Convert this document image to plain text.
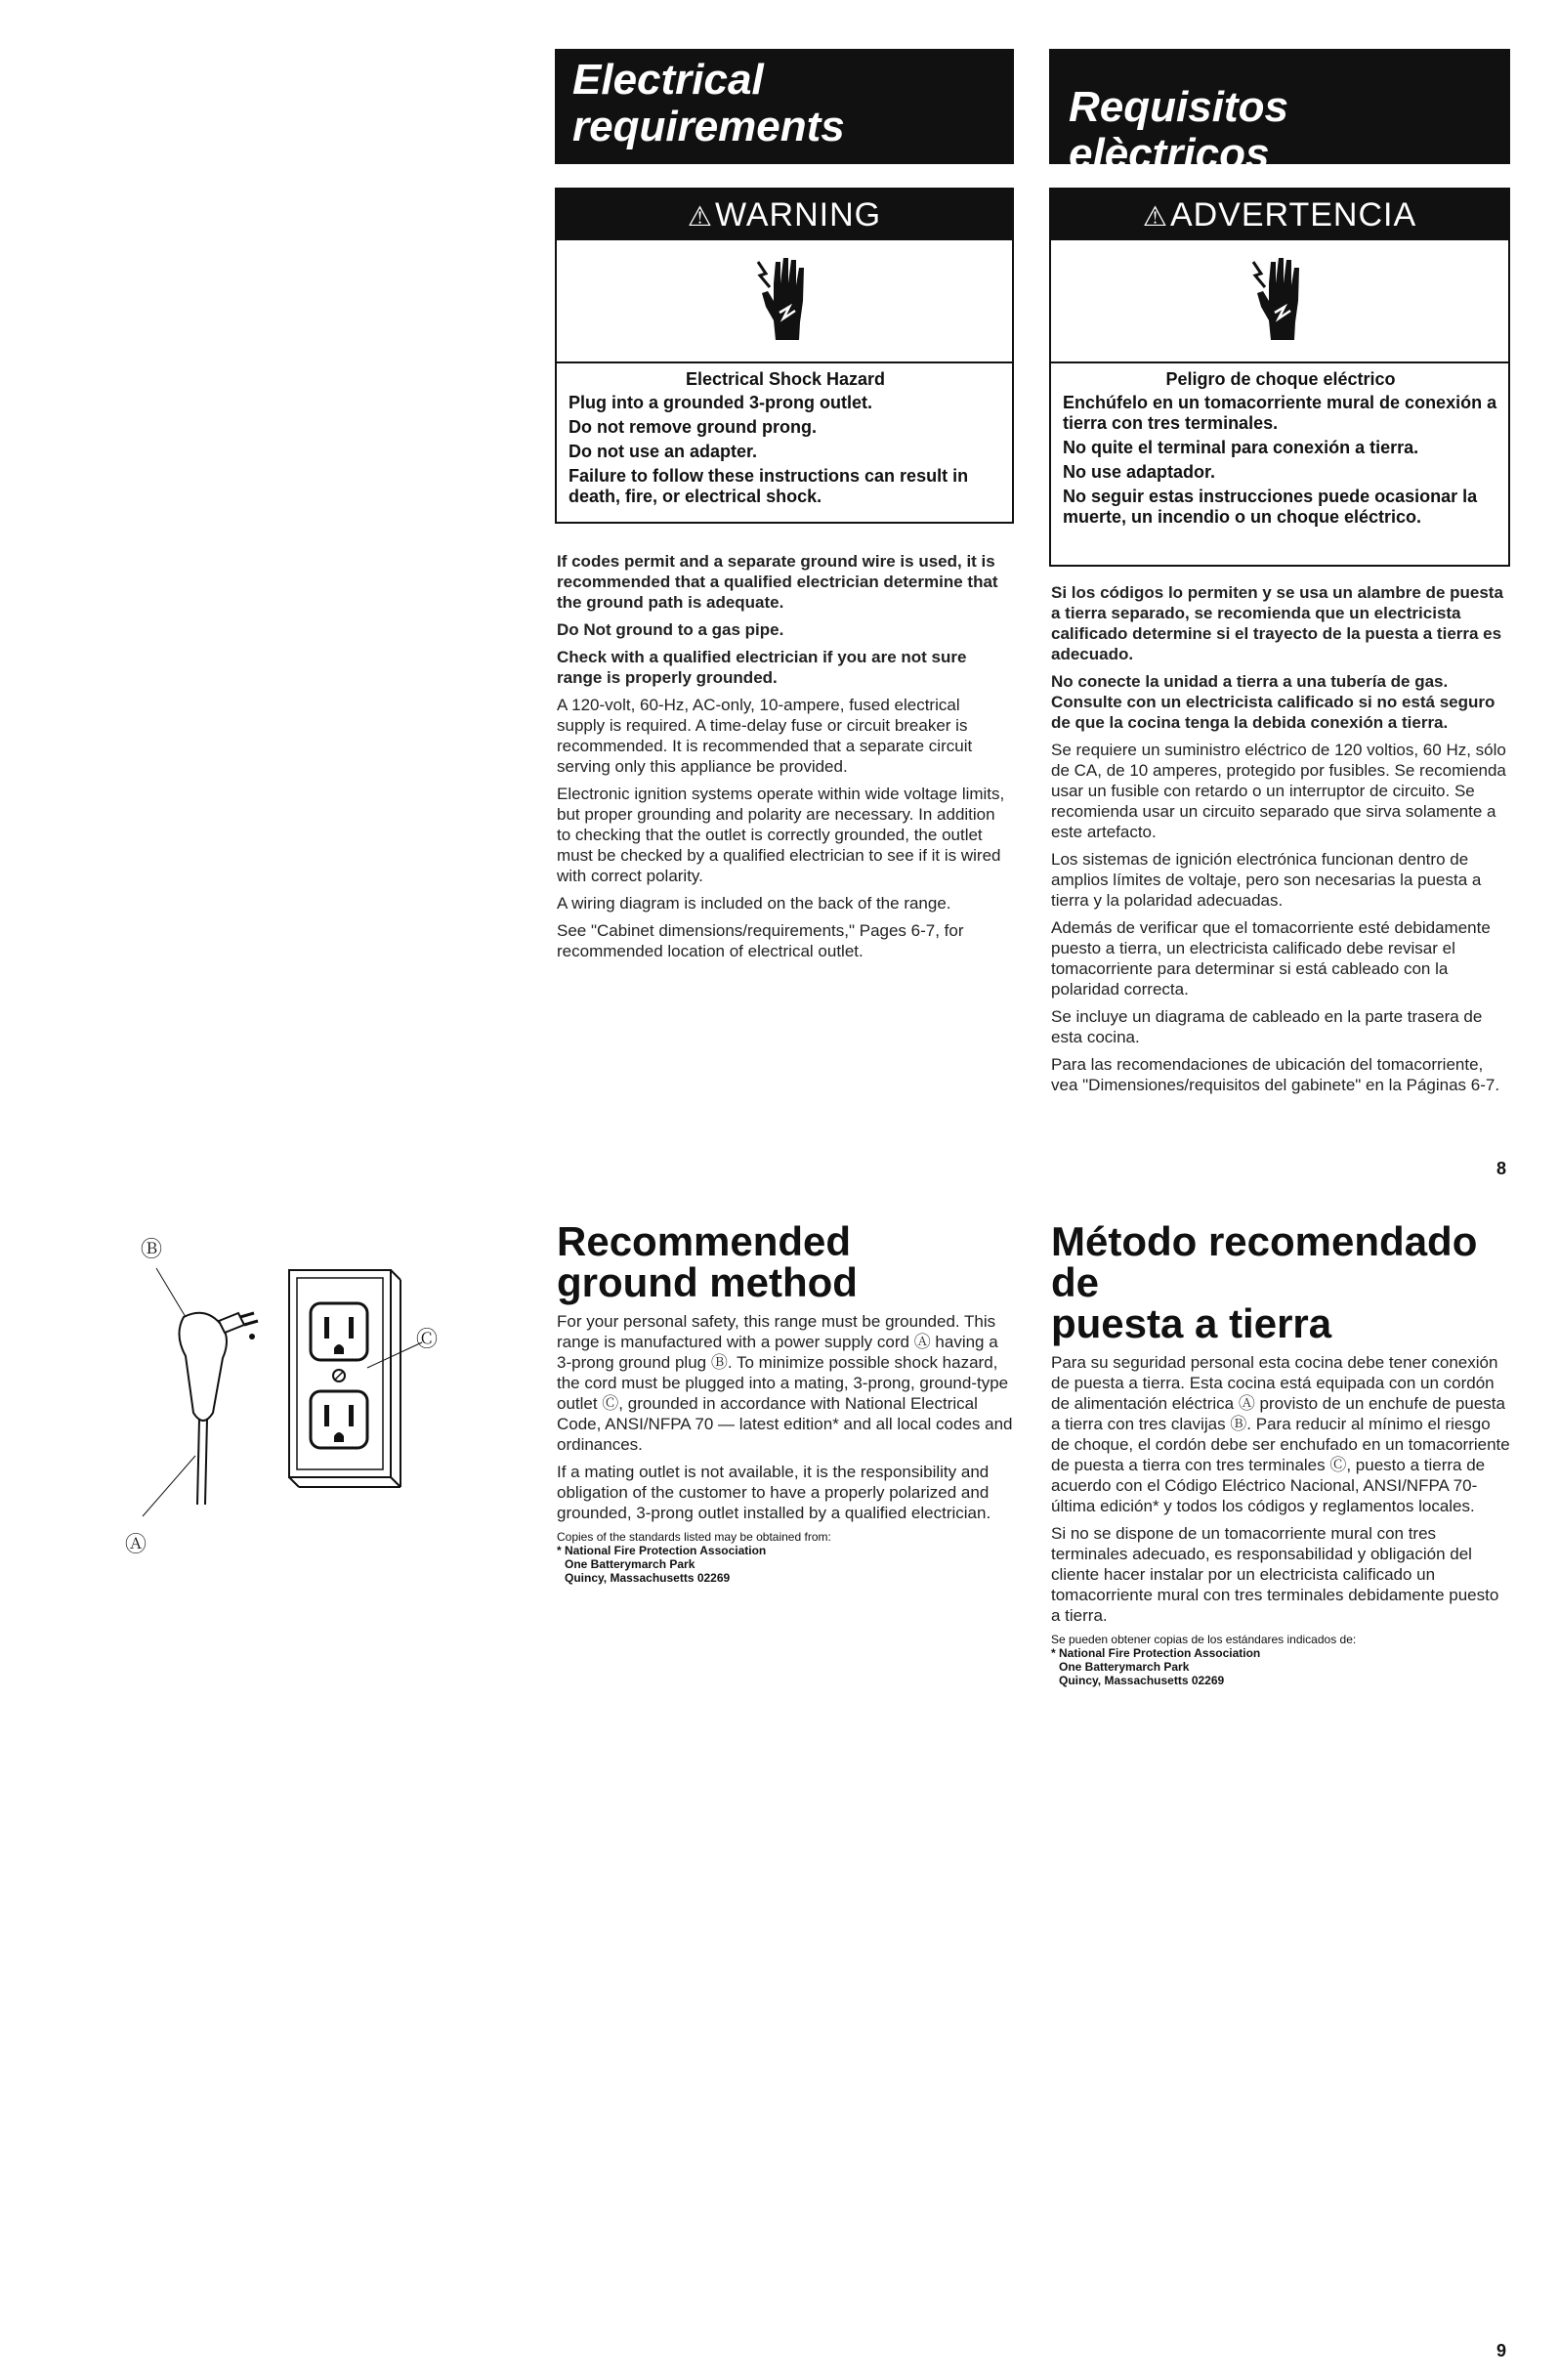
Electrical
requirements	Requisitos elèctricos
⚠WARNING
Electrical Shock Hazard

Plug into a grounded 3-prong outlet.

Do not remove ground prong.

Do not use an adapter.

Failure to follow these instructions can result in death, fire, or electrical shock.

⚠ADVERTENCIA
Peligro de choque eléctrico

Enchúfelo en un tomacorriente mural de conexión a tierra con tres terminales.

No quite el terminal para conexión a tierra.

No use adaptador.

No seguir estas instrucciones puede ocasionar la muerte, un incendio o un choque eléctrico.

If codes permit and a separate ground wire is used, it is recommended that a qualified electrician determine that the ground path is adequate.

Do Not ground to a gas pipe.

Check with a qualified electrician if you are not sure range is properly grounded.

A 120-volt, 60-Hz, AC-only, 10-ampere, fused electrical supply is required. A time-delay fuse or circuit breaker is recommended. It is recommended that a separate circuit serving only this appliance be provided.

Electronic ignition systems operate within wide voltage limits, but proper grounding and polarity are necessary. In addition to checking that the outlet is correctly grounded, the outlet must be checked by a qualified electrician to see if it is wired with correct polarity.

A wiring diagram is included on the back of the range.

See "Cabinet dimensions/requirements," Pages 6-7, for recommended location of electrical outlet.

Si los códigos lo permiten y se usa un alambre de puesta a tierra separado, se recomienda que un electricista calificado determine si el trayecto de la puesta a tierra es adecuado.

No conecte la unidad a tierra a una tubería de gas. Consulte con un electricista calificado si no está seguro de que la cocina tenga la debida conexión a tierra.

Se requiere un suministro eléctrico de 120 voltios, 60 Hz, sólo de CA, de 10 amperes, protegido por fusibles. Se recomienda usar un fusible con retardo o un interruptor de circuito. Se recomienda usar un circuito separado que sirva solamente a este artefacto.

Los sistemas de ignición electrónica funcionan dentro de amplios límites de voltaje, pero son necesarias la puesta a tierra y la polaridad adecuadas.

Además de verificar que el tomacorriente esté debidamente puesto a tierra, un electricista calificado debe revisar el tomacorriente para determinar si está cableado con la polaridad correcta.

Se incluye un diagrama de cableado en la parte trasera de esta cocina.

Para las recomendaciones de ubicación del tomacorriente, vea "Dimensiones/requisitos del gabinete" en la Páginas 6-7.

8
Ⓑ
Ⓒ
Ⓐ
Recommended
ground method

For your personal safety, this range must be grounded. This range is manufactured with a power supply cord Ⓐ having a 3-prong ground plug Ⓑ. To minimize possible shock hazard, the cord must be plugged into a mating, 3-prong, ground-type outlet Ⓒ, grounded in accordance with National Electrical Code, ANSI/NFPA 70 — latest edition* and all local codes and ordinances.

If a mating outlet is not available, it is the responsibility and obligation of the customer to have a properly polarized and grounded, 3-prong outlet installed by a qualified electrician.

Copies of the standards listed may be obtained from:
* National Fire Protection Association
One Batterymarch Park
Quincy, Massachusetts 02269
Método recomendado de
puesta a tierra

Para su seguridad personal esta cocina debe tener conexión de puesta a tierra. Esta cocina está equipada con un cordón de alimentación eléctrica Ⓐ provisto de un enchufe de puesta a tierra con tres clavijas Ⓑ. Para reducir al mínimo el riesgo de choque, el cordón debe ser enchufado en un tomacorriente de puesta a tierra con tres terminales Ⓒ, puesto a tierra de acuerdo con el Código Eléctrico Nacional, ANSI/NFPA 70-última edición* y todos los códigos y reglamentos locales.

Si no se dispone de un tomacorriente mural con tres terminales adecuado, es responsabilidad y obligación del cliente hacer instalar por un electricista calificado un tomacorriente mural con tres terminales debidamente puesto a tierra.

Se pueden obtener copias de los estándares indicados de:
* National Fire Protection Association
One Batterymarch Park
Quincy, Massachusetts 02269
9
